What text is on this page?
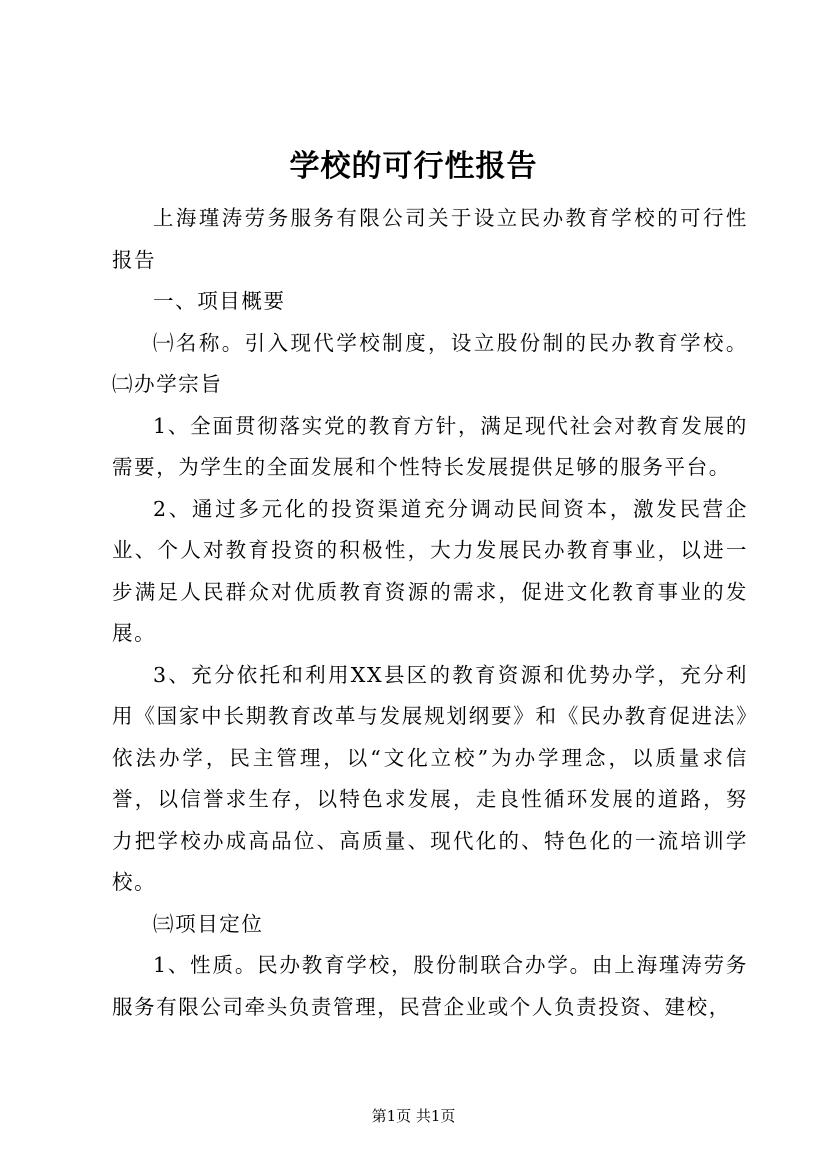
学校的可行性报告

上海瑾涛劳务服务有限公司关于设立民办教育学校的可行性报告

一、项目概要

㈠名称。引入现代学校制度，设立股份制的民办教育学校。㈡办学宗旨

1、全面贯彻落实党的教育方针，满足现代社会对教育发展的需要，为学生的全面发展和个性特长发展提供足够的服务平台。

2、通过多元化的投资渠道充分调动民间资本，激发民营企业、个人对教育投资的积极性，大力发展民办教育事业，以进一步满足人民群众对优质教育资源的需求，促进文化教育事业的发展。

3、充分依托和利用XX县区的教育资源和优势办学，充分利用《国家中长期教育改革与发展规划纲要》和《民办教育促进法》依法办学，民主管理，以“文化立校”为办学理念，以质量求信誉，以信誉求生存，以特色求发展，走良性循环发展的道路，努力把学校办成高品位、高质量、现代化的、特色化的一流培训学校。

㈢项目定位

1、性质。民办教育学校，股份制联合办学。由上海瑾涛劳务服务有限公司牵头负责管理，民营企业或个人负责投资、建校，

第1页 共1页
